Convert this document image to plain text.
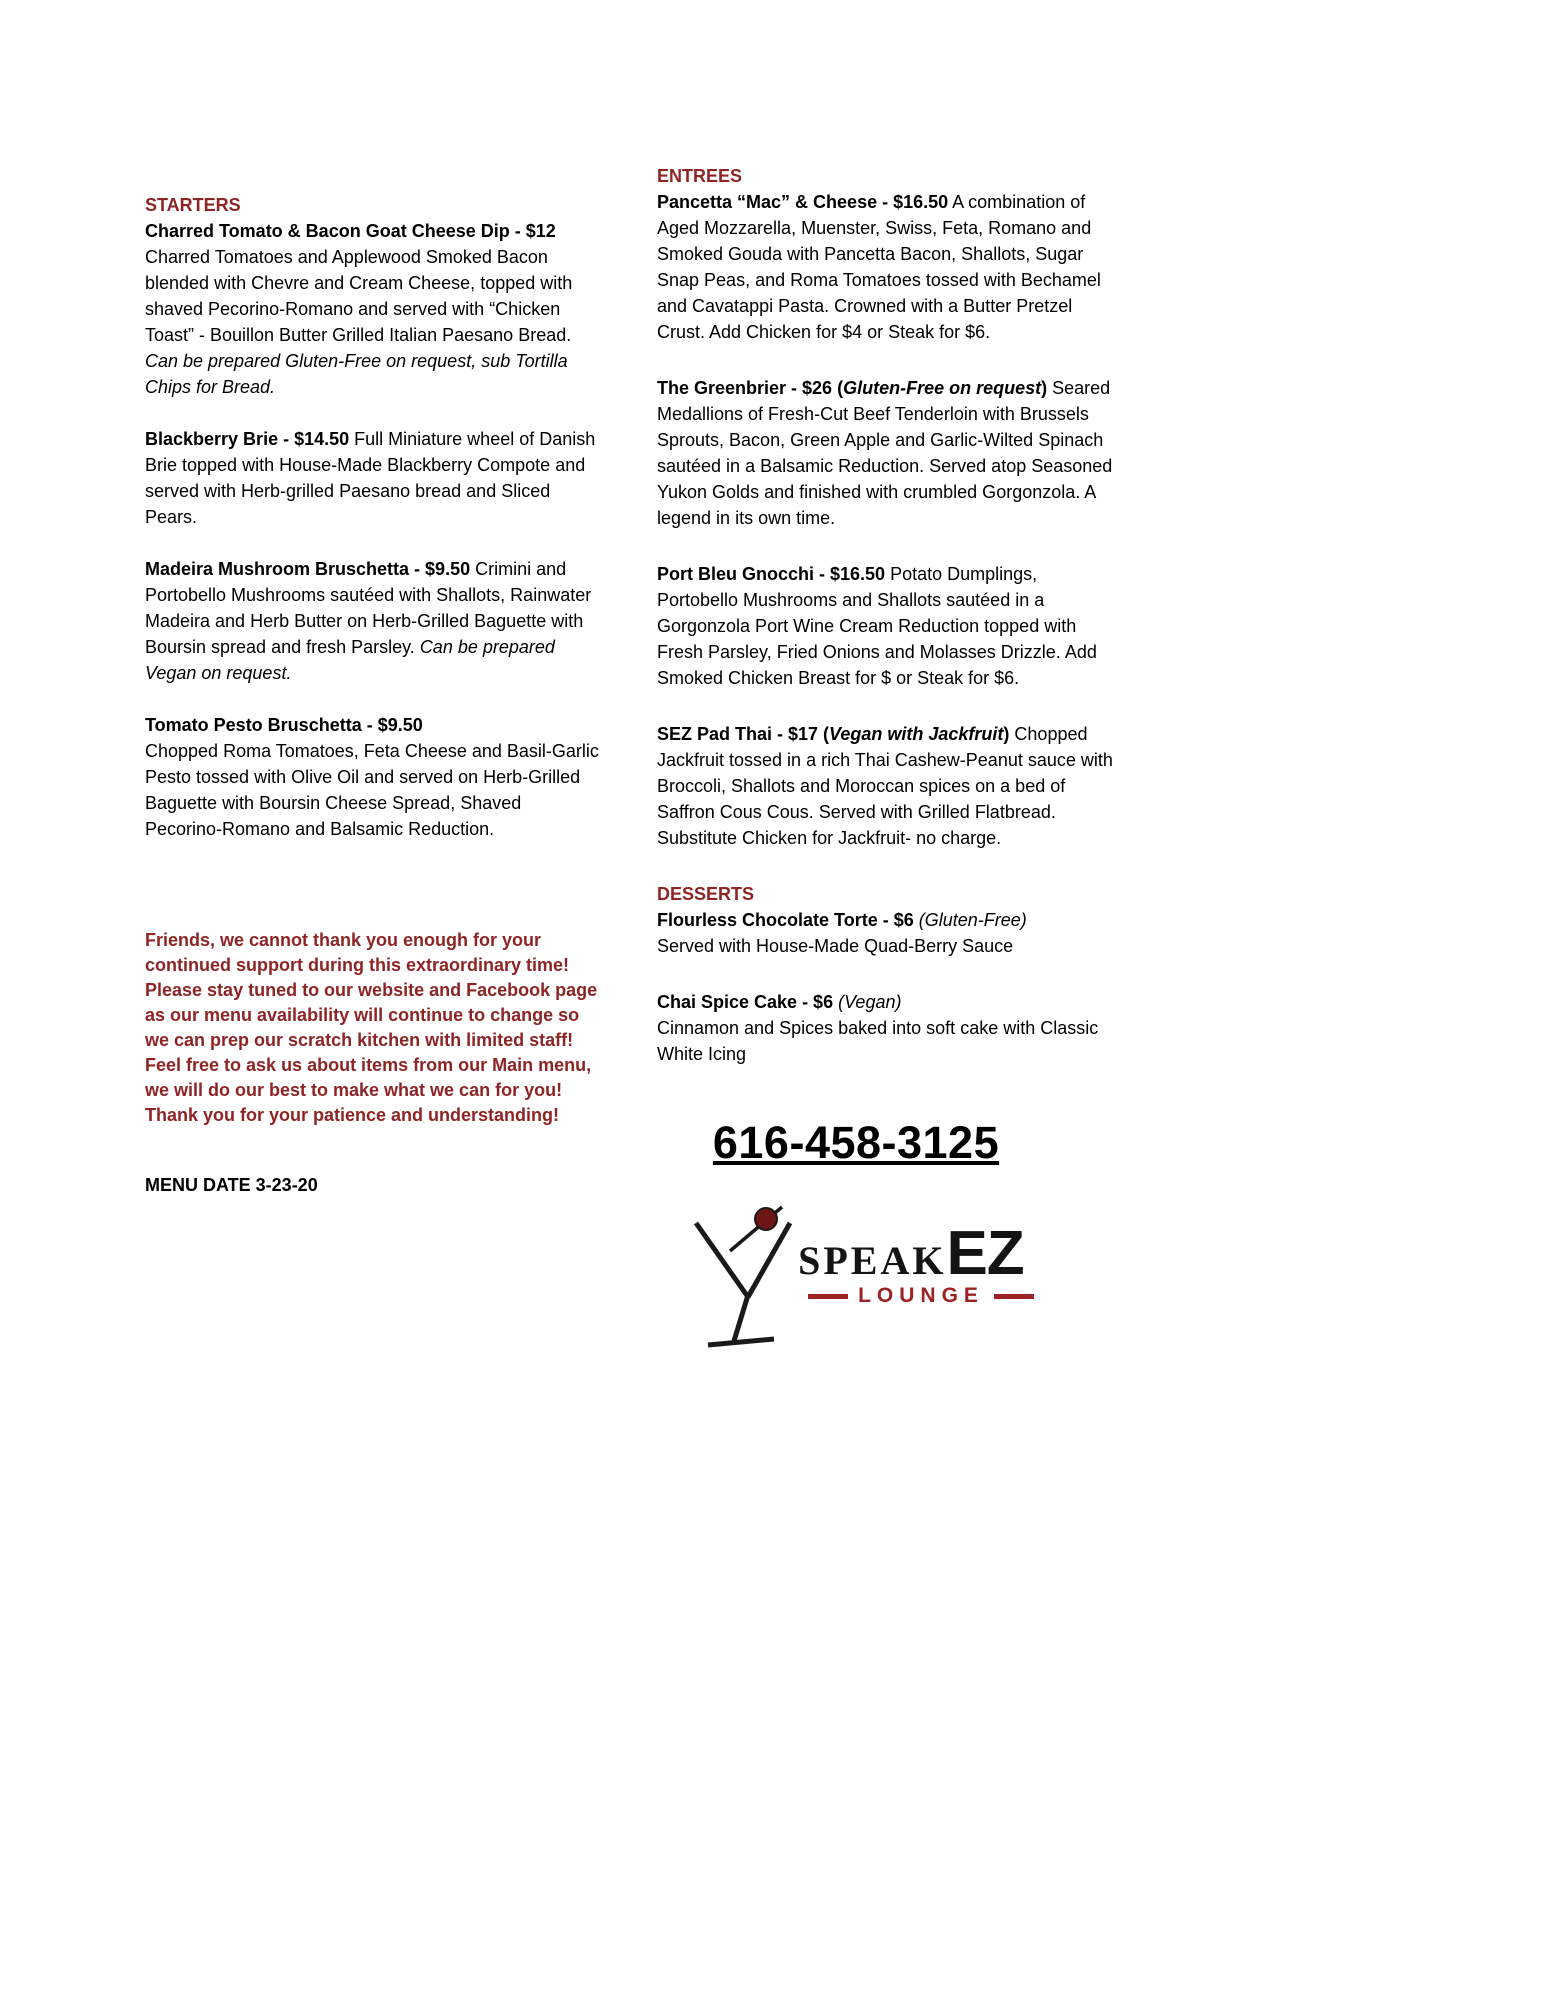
STARTERS

Charred Tomato & Bacon Goat Cheese Dip - $12 Charred Tomatoes and Applewood Smoked Bacon blended with Chevre and Cream Cheese, topped with shaved Pecorino-Romano and served with “Chicken Toast” - Bouillon Butter Grilled Italian Paesano Bread. Can be prepared Gluten-Free on request, sub Tortilla Chips for Bread.

Blackberry Brie - $14.50 Full Miniature wheel of Danish Brie topped with House-Made Blackberry Compote and served with Herb-grilled Paesano bread and Sliced Pears.

Madeira Mushroom Bruschetta - $9.50 Crimini and Portobello Mushrooms sautéed with Shallots, Rainwater Madeira and Herb Butter on Herb-Grilled Baguette with Boursin spread and fresh Parsley. Can be prepared Vegan on request.

Tomato Pesto Bruschetta - $9.50
Chopped Roma Tomatoes, Feta Cheese and Basil-Garlic Pesto tossed with Olive Oil and served on Herb-Grilled Baguette with Boursin Cheese Spread, Shaved Pecorino-Romano and Balsamic Reduction.

Friends, we cannot thank you enough for your continued support during this extraordinary time!  Please stay tuned to our website and Facebook page as our menu availability will continue to change so we can prep our scratch kitchen with limited staff!  Feel free to ask us about items from our Main menu, we will do our best to make what we can for you!  Thank you for your patience and understanding!

MENU DATE 3-23-20

ENTREES

Pancetta “Mac” & Cheese - $16.50 A combination of Aged Mozzarella, Muenster, Swiss, Feta, Romano and Smoked Gouda with Pancetta Bacon, Shallots, Sugar Snap Peas, and Roma Tomatoes tossed with Bechamel and Cavatappi Pasta. Crowned with a Butter Pretzel Crust. Add Chicken for $4 or Steak for $6.

The Greenbrier - $26 (Gluten-Free on request) Seared Medallions of Fresh-Cut Beef Tenderloin with Brussels Sprouts, Bacon, Green Apple and Garlic-Wilted Spinach sautéed in a Balsamic Reduction. Served atop Seasoned Yukon Golds and finished with crumbled Gorgonzola. A legend in its own time.

Port Bleu Gnocchi - $16.50 Potato Dumplings, Portobello Mushrooms and Shallots sautéed in a Gorgonzola Port Wine Cream Reduction topped with Fresh Parsley, Fried Onions and Molasses Drizzle. Add Smoked Chicken Breast for $ or Steak for $6.

SEZ Pad Thai - $17 (Vegan with Jackfruit) Chopped Jackfruit tossed in a rich Thai Cashew-Peanut sauce with Broccoli, Shallots and Moroccan spices on a bed of Saffron Cous Cous. Served with Grilled Flatbread. Substitute Chicken for Jackfruit- no charge.

DESSERTS

Flourless Chocolate Torte - $6 (Gluten-Free)
Served with House-Made Quad-Berry Sauce

Chai Spice Cake - $6 (Vegan)
Cinnamon and Spices baked into soft cake with Classic White Icing

616-458-3125
SPEAK EZ
LOUNGE
